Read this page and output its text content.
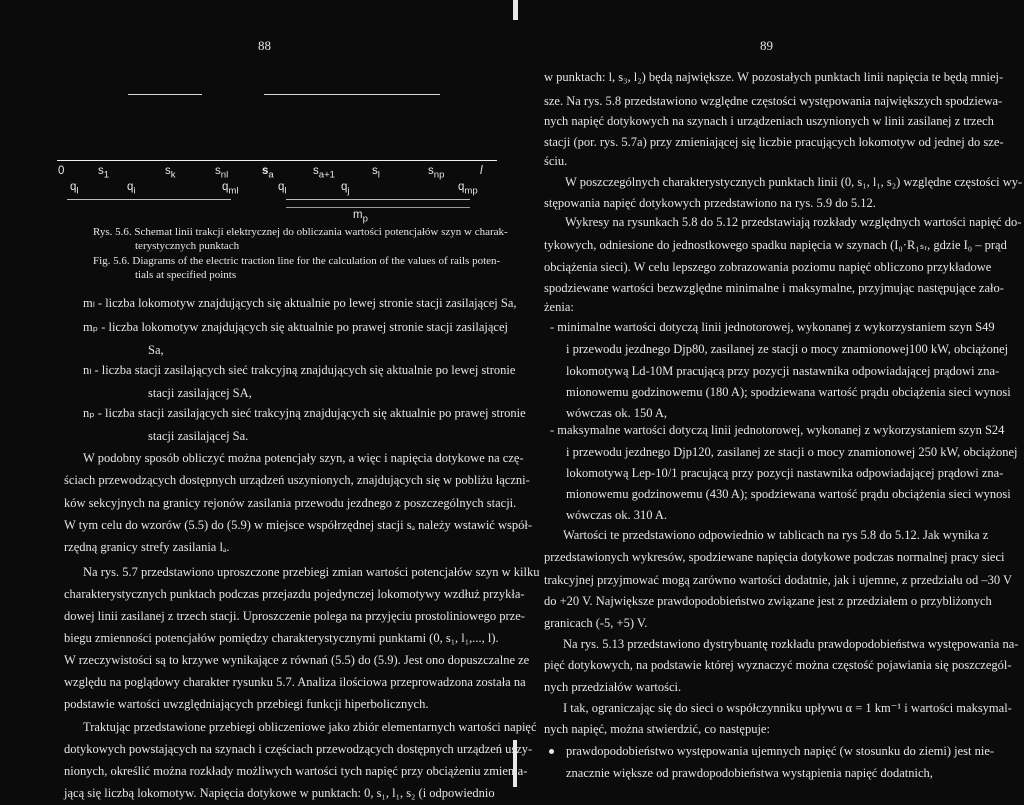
88
0	$s_1$	$s_k$	$s_{nl}$	$s_a$	$s_{a+1}$	$s_l$	$s_{np}$	l
$q_l$	$q_i$	$q_{ml}$	$q_l$	$q_j$	$q_{mp}$
$m_p$
Rys. 5.6. Schemat linii trakcji elektrycznej do obliczania wartości potencjałów szyn w charak-
terystycznych punktach
Fig. 5.6. Diagrams of the electric traction line for the calculation of the values of rails poten-
tials at specified points
mₗ - liczba lokomotyw znajdujących się aktualnie po lewej stronie stacji zasilającej Sa,
mₚ - liczba lokomotyw znajdujących się aktualnie po prawej stronie stacji zasilającej
Sa,
nₗ - liczba stacji zasilających sieć trakcyjną znajdujących się aktualnie po lewej stronie
stacji zasilającej SA,
nₚ - liczba stacji zasilających sieć trakcyjną znajdujących się aktualnie po prawej stronie
stacji zasilającej Sa.
W podobny sposób obliczyć można potencjały szyn, a więc i napięcia dotykowe na czę-
ściach przewodzących dostępnych urządzeń uszynionych, znajdujących się w pobliżu łączni-
ków sekcyjnych na granicy rejonów zasilania przewodu jezdnego z poszczególnych stacji.
W tym celu do wzorów (5.5) do (5.9) w miejsce współrzędnej stacji sₐ należy wstawić współ-
rzędną granicy strefy zasilania lₐ.
Na rys. 5.7 przedstawiono uproszczone przebiegi zmian wartości potencjałów szyn w kilku
charakterystycznych punktach podczas przejazdu pojedynczej lokomotywy wzdłuż przykła-
dowej linii zasilanej z trzech stacji. Uproszczenie polega na przyjęciu prostoliniowego prze-
biegu zmienności potencjałów pomiędzy charakterystycznymi punktami (0, s₁, l₁,..., l).
W rzeczywistości są to krzywe wynikające z równań (5.5) do (5.9). Jest ono dopuszczalne ze
względu na poglądowy charakter rysunku 5.7. Analiza ilościowa przeprowadzona została na
podstawie wartości uwzględniających przebiegi funkcji hiperbolicznych.
Traktując przedstawione przebiegi obliczeniowe jako zbiór elementarnych wartości napięć
dotykowych powstających na szynach i częściach przewodzących dostępnych urządzeń uszy-
nionych, określić można rozkłady możliwych wartości tych napięć przy obciążeniu zmienia-
jącą się liczbą lokomotyw. Napięcia dotykowe w punktach: 0, s₁, l₁, s₂ (i odpowiednio
89
w punktach: l, s₃, l₂) będą największe. W pozostałych punktach linii napięcia te będą mniej-
sze. Na rys. 5.8 przedstawiono względne częstości występowania największych spodziewa-
nych napięć dotykowych na szynach i urządzeniach uszynionych w linii zasilanej z trzech
stacji (por. rys. 5.7a) przy zmieniającej się liczbie pracujących lokomotyw od jednej do sze-
ściu.
W poszczególnych charakterystycznych punktach linii (0, s₁, l₁, s₂) względne częstości wy-
stępowania napięć dotykowych przedstawiono na rys. 5.9 do 5.12.
Wykresy na rysunkach 5.8 do 5.12 przedstawiają rozkłady względnych wartości napięć do-
tykowych, odniesione do jednostkowego spadku napięcia w szynach (I₀·R₁ₛᵣ, gdzie I₀ – prąd
obciążenia sieci). W celu lepszego zobrazowania poziomu napięć obliczono przykładowe
spodziewane wartości bezwzględne minimalne i maksymalne, przyjmując następujące zało-
żenia:
- minimalne wartości dotyczą linii jednotorowej, wykonanej z wykorzystaniem szyn S49
i przewodu jezdnego Djp80, zasilanej ze stacji o mocy znamionowej100 kW, obciążonej
lokomotywą Ld-10M pracującą przy pozycji nastawnika odpowiadającej prądowi zna-
mionowemu godzinowemu (180 A); spodziewana wartość prądu obciążenia sieci wynosi
wówczas ok. 150 A,
- maksymalne wartości dotyczą linii jednotorowej, wykonanej z wykorzystaniem szyn S24
i przewodu jezdnego Djp120, zasilanej ze stacji o mocy znamionowej 250 kW, obciążonej
lokomotywą Lep-10/1 pracującą przy pozycji nastawnika odpowiadającej prądowi zna-
mionowemu godzinowemu (430 A); spodziewana wartość prądu obciążenia sieci wynosi
wówczas ok. 310 A.
Wartości te przedstawiono odpowiednio w tablicach na rys 5.8 do 5.12. Jak wynika z
przedstawionych wykresów, spodziewane napięcia dotykowe podczas normalnej pracy sieci
trakcyjnej przyjmować mogą zarówno wartości dodatnie, jak i ujemne, z przedziału od –30 V
do +20 V. Największe prawdopodobieństwo związane jest z przedziałem o przybliżonych
granicach (-5, +5) V.
Na rys. 5.13 przedstawiono dystrybuantę rozkładu prawdopodobieństwa występowania na-
pięć dotykowych, na podstawie której wyznaczyć można częstość pojawiania się poszczegól-
nych przedziałów wartości.
I tak, ograniczając się do sieci o współczynniku upływu α = 1 km⁻¹ i wartości maksymal-
nych napięć, można stwierdzić, co następuje:
prawdopodobieństwo występowania ujemnych napięć (w stosunku do ziemi) jest nie-
znacznie większe od prawdopodobieństwa wystąpienia napięć dodatnich,
